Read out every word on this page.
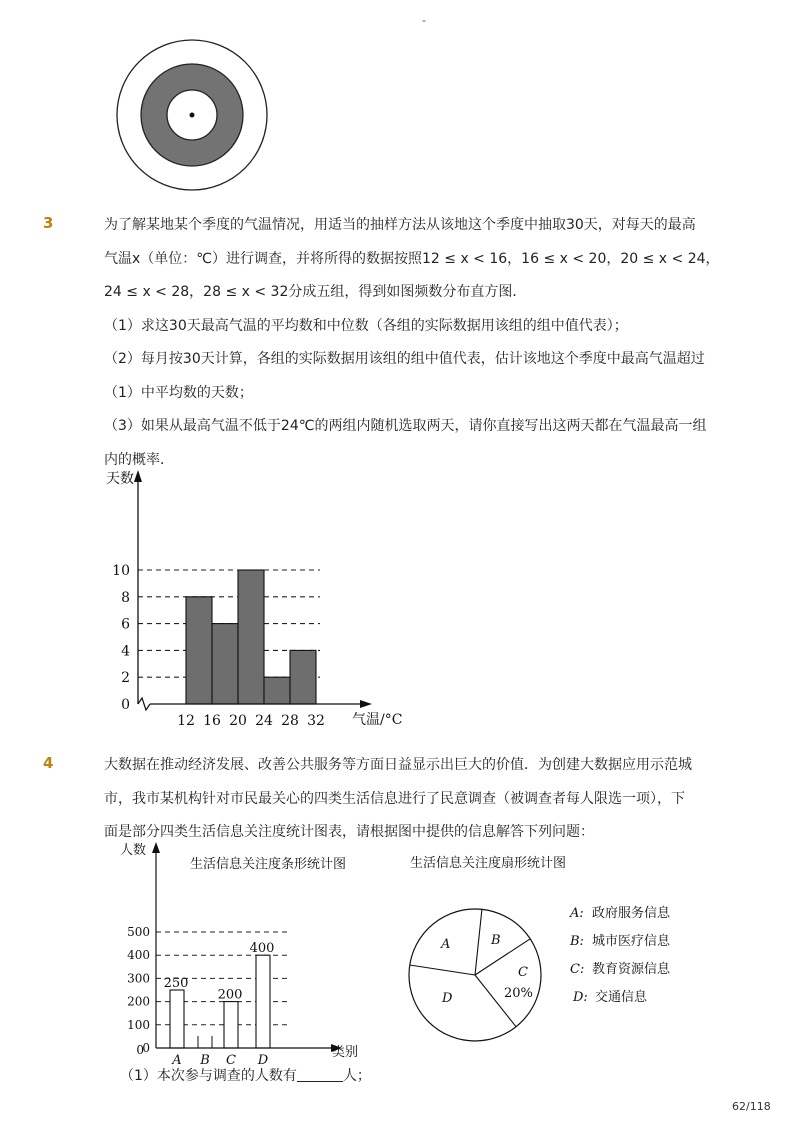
-
3	为了解某地某个季度的气温情况，用适当的抽样方法从该地这个季度中抽取30天，对每天的最高
气温x（单位：℃）进行调查，并将所得的数据按照12 ≤ x < 16，16 ≤ x < 20，20 ≤ x < 24，
24 ≤ x < 28，28 ≤ x < 32分成五组，得到如图频数分布直方图．
（1）求这30天最高气温的平均数和中位数（各组的实际数据用该组的组中值代表）；
（2）每月按30天计算，各组的实际数据用该组的组中值代表，估计该地这个季度中最高气温超过
（1）中平均数的天数；
（3）如果从最高气温不低于24℃的两组内随机选取两天，请你直接写出这两天都在气温最高一组
内的概率．
0
2
4
6
8
10
12 16 20 24 28 32
天数
气温/°C
4	大数据在推动经济发展、改善公共服务等方面日益显示出巨大的价值．为创建大数据应用示范城
市，我市某机构针对市民最关心的四类生活信息进行了民意调查（被调查者每人限选一项），下
面是部分四类生活信息关注度统计图表，请根据图中提供的信息解答下列问题：
0
100
200
300
400
500
0
A B C D
250
200
400
人数
类别
生活信息关注度条形统计图	生活信息关注度扇形统计图
A	B
C
20%
D
A: 政府服务信息
B: 城市医疗信息
C: 教育资源信息
D: 交通信息
（1）本次参与调查的人数有	人；
62/118
